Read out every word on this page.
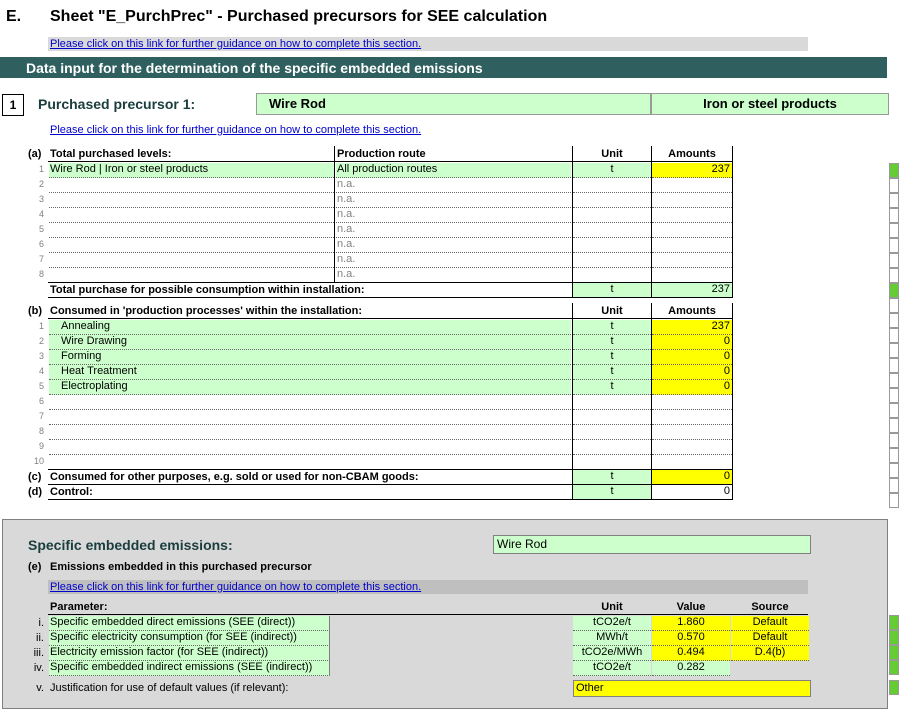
E. Sheet "E_PurchPrec" - Purchased precursors for SEE calculation
Please click on this link for further guidance on how to complete this section.
Data input for the determination of the specific embedded emissions
1	Purchased precursor 1:	Wire Rod	Iron or steel products
Please click on this link for further guidance on how to complete this section.
(a) Total purchased levels:	Production route	Unit	Amounts
1 Wire Rod | Iron or steel products	All production routes	t	237
2	n.a.
3	n.a.
4	n.a.
5	n.a.
6	n.a.
7	n.a.
8	n.a.
Total purchase for possible consumption within installation:	t	237
(b) Consumed in 'production processes' within the installation:	Unit	Amounts
1	Annealing	t	237
2	Wire Drawing	t	0
3	Forming	t	0
4	Heat Treatment	t	0
5	Electroplating	t	0
6
7
8
9
10
(c) Consumed for other purposes, e.g. sold or used for non-CBAM goods:	t	0
(d) Control:	t	0
Specific embedded emissions:	Wire Rod
(e) Emissions embedded in this purchased precursor
Please click on this link for further guidance on how to complete this section.
Parameter:	Unit	Value	Source
i. Specific embedded direct emissions (SEE (direct))	tCO2e/t	1.860	Default
ii. Specific electricity consumption (for SEE (indirect))	MWh/t	0.570	Default
iii. Electricity emission factor (for SEE (indirect))	tCO2e/MWh	0.494	D.4(b)
iv. Specific embedded indirect emissions (SEE (indirect))	tCO2e/t	0.282
v. Justification for use of default values (if relevant):	Other
